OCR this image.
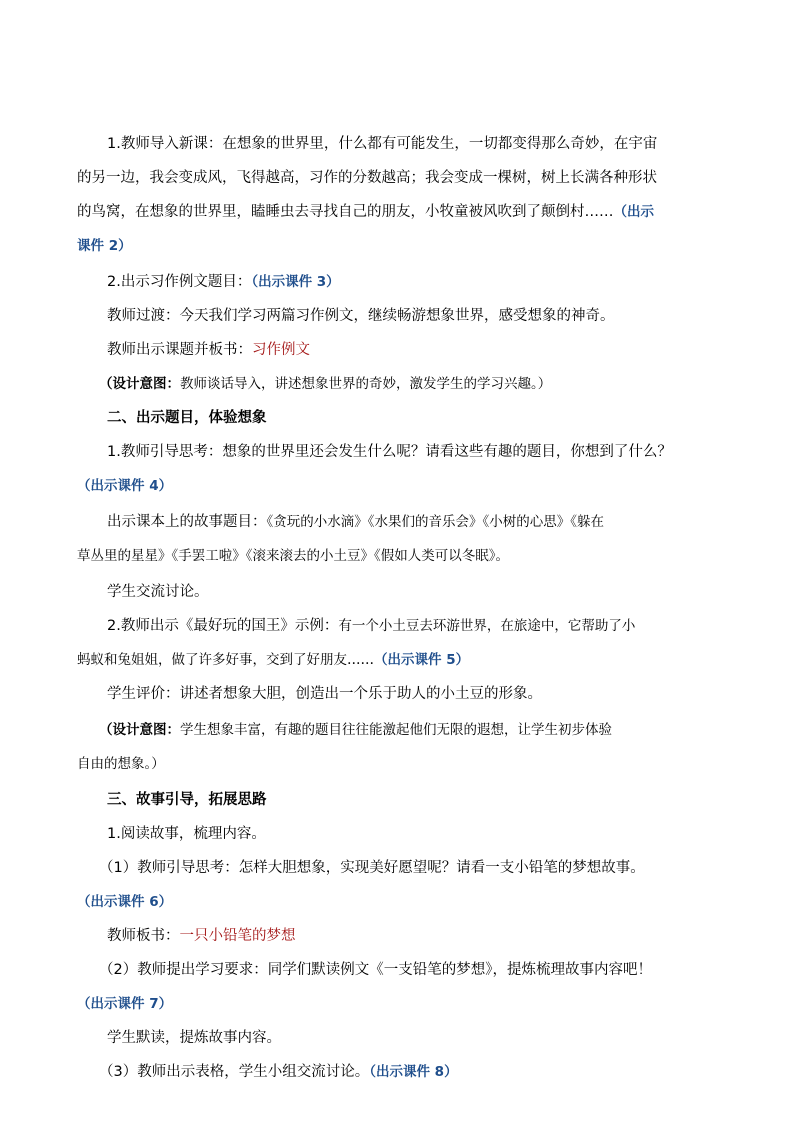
1.教师导入新课：在想象的世界里，什么都有可能发生，一切都变得那么奇妙，在宇宙
的另一边，我会变成风，飞得越高，习作的分数越高；我会变成一棵树，树上长满各种形状
的鸟窝，在想象的世界里，瞌睡虫去寻找自己的朋友，小牧童被风吹到了颠倒村……（出示
课件 2）
2.出示习作例文题目：（出示课件 3）
教师过渡：今天我们学习两篇习作例文，继续畅游想象世界，感受想象的神奇。
教师出示课题并板书：习作例文
（设计意图：教师谈话导入，讲述想象世界的奇妙，激发学生的学习兴趣。）
二、出示题目，体验想象
1.教师引导思考：想象的世界里还会发生什么呢？请看这些有趣的题目，你想到了什么？
（出示课件 4）
出示课本上的故事题目：《贪玩的小水滴》《水果们的音乐会》《小树的心思》《躲在
草丛里的星星》《手罢工啦》《滚来滚去的小土豆》《假如人类可以冬眠》。
学生交流讨论。
2.教师出示《最好玩的国王》示例：有一个小土豆去环游世界，在旅途中，它帮助了小
蚂蚁和兔姐姐，做了许多好事，交到了好朋友……（出示课件 5）
学生评价：讲述者想象大胆，创造出一个乐于助人的小土豆的形象。
（设计意图：学生想象丰富，有趣的题目往往能激起他们无限的遐想，让学生初步体验
自由的想象。）
三、故事引导，拓展思路
1.阅读故事，梳理内容。
（1）教师引导思考：怎样大胆想象，实现美好愿望呢？请看一支小铅笔的梦想故事。
（出示课件 6）
教师板书：一只小铅笔的梦想
（2）教师提出学习要求：同学们默读例文《一支铅笔的梦想》，提炼梳理故事内容吧！
（出示课件 7）
学生默读，提炼故事内容。
（3）教师出示表格，学生小组交流讨论。（出示课件 8）
